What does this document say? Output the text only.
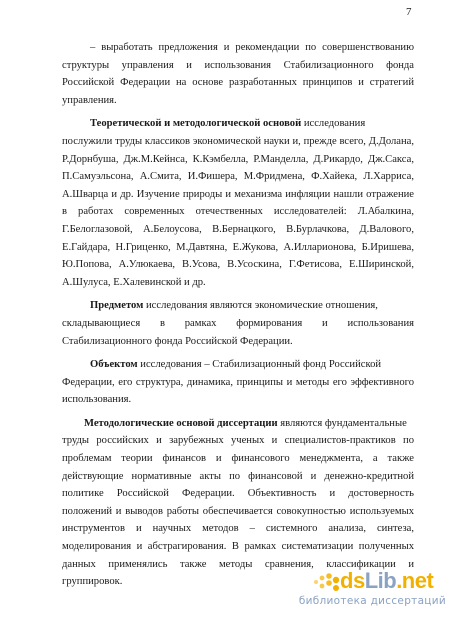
7
– выработать предложения и рекомендации по совершенствованию
структуры управления и использования Стабилизационного фонда
Российской Федерации на основе разработанных принципов и стратегий
управления.
Теоретической и методологической основой исследования
послужили труды классиков экономической науки и, прежде всего, Д.Долана,
Р.Дорнбуша, Дж.М.Кейнса, К.Кэмбелла, Р.Манделла, Д.Рикардо, Дж.Сакса,
П.Самуэльсона, А.Смита, И.Фишера, М.Фридмена, Ф.Хайека, Л.Харриса,
А.Шварца и др. Изучение природы и механизма инфляции нашли отражение
в работах современных отечественных исследователей: Л.Абалкина,
Г.Белоглазовой, А.Белоусова, В.Бернацкого, В.Бурлачкова, Д.Валового,
Е.Гайдара, Н.Гриценко, М.Давтяна, Е.Жукова, А.Илларионова, Б.Иришева,
Ю.Попова, А.Улюкаева, В.Усова, В.Усоскина, Г.Фетисова, Е.Ширинской,
А.Шулуса, Е.Халевинской и др.
Предметом исследования являются экономические отношения,
складывающиеся в рамках формирования и использования
Стабилизационного фонда Российской Федерации.
Объектом исследования – Стабилизационный фонд Российской
Федерации, его структура, динамика, принципы и методы его эффективного
использования.
Методологические основой диссертации являются фундаментальные
труды российских и зарубежных ученых и специалистов-практиков по
проблемам теории финансов и финансового менеджмента, а также
действующие нормативные акты по финансовой и денежно-кредитной
политике Российской Федерации. Объективность и достоверность
положений и выводов работы обеспечивается совокупностью используемых
инструментов и научных методов – системного анализа, синтеза,
моделирования и абстрагирования. В рамках систематизации полученных
данных применялись также методы сравнения, классификации и
группировок.	dsLib.net
библиотека диссертаций
